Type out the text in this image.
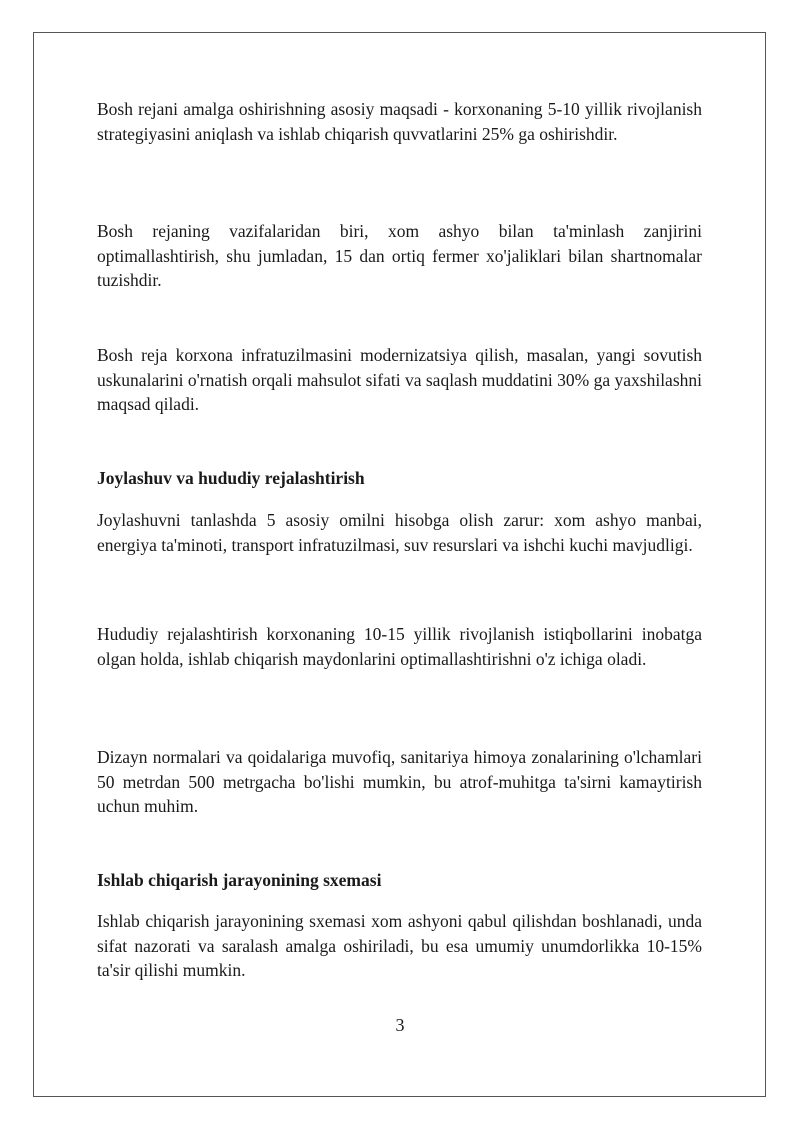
Bosh rejani amalga oshirishning asosiy maqsadi - korxonaning 5-10 yillik rivojlanish strategiyasini aniqlash va ishlab chiqarish quvvatlarini 25% ga oshirishdir.

Bosh rejaning vazifalaridan biri, xom ashyo bilan ta'minlash zanjirini optimallashtirish, shu jumladan, 15 dan ortiq fermer xo'jaliklari bilan shartnomalar tuzishdir.

Bosh reja korxona infratuzilmasini modernizatsiya qilish, masalan, yangi sovutish uskunalarini o'rnatish orqali mahsulot sifati va saqlash muddatini 30% ga yaxshilashni maqsad qiladi.

Joylashuv va hududiy rejalashtirish

Joylashuvni tanlashda 5 asosiy omilni hisobga olish zarur: xom ashyo manbai, energiya ta'minoti, transport infratuzilmasi, suv resurslari va ishchi kuchi mavjudligi.

Hududiy rejalashtirish korxonaning 10-15 yillik rivojlanish istiqbollarini inobatga olgan holda, ishlab chiqarish maydonlarini optimallashtirishni o'z ichiga oladi.

Dizayn normalari va qoidalariga muvofiq, sanitariya himoya zonalarining o'lchamlari 50 metrdan 500 metrgacha bo'lishi mumkin, bu atrof-muhitga ta'sirni kamaytirish uchun muhim.

Ishlab chiqarish jarayonining sxemasi

Ishlab chiqarish jarayonining sxemasi xom ashyoni qabul qilishdan boshlanadi, unda sifat nazorati va saralash amalga oshiriladi, bu esa umumiy unumdorlikka 10-15% ta'sir qilishi mumkin.

3
